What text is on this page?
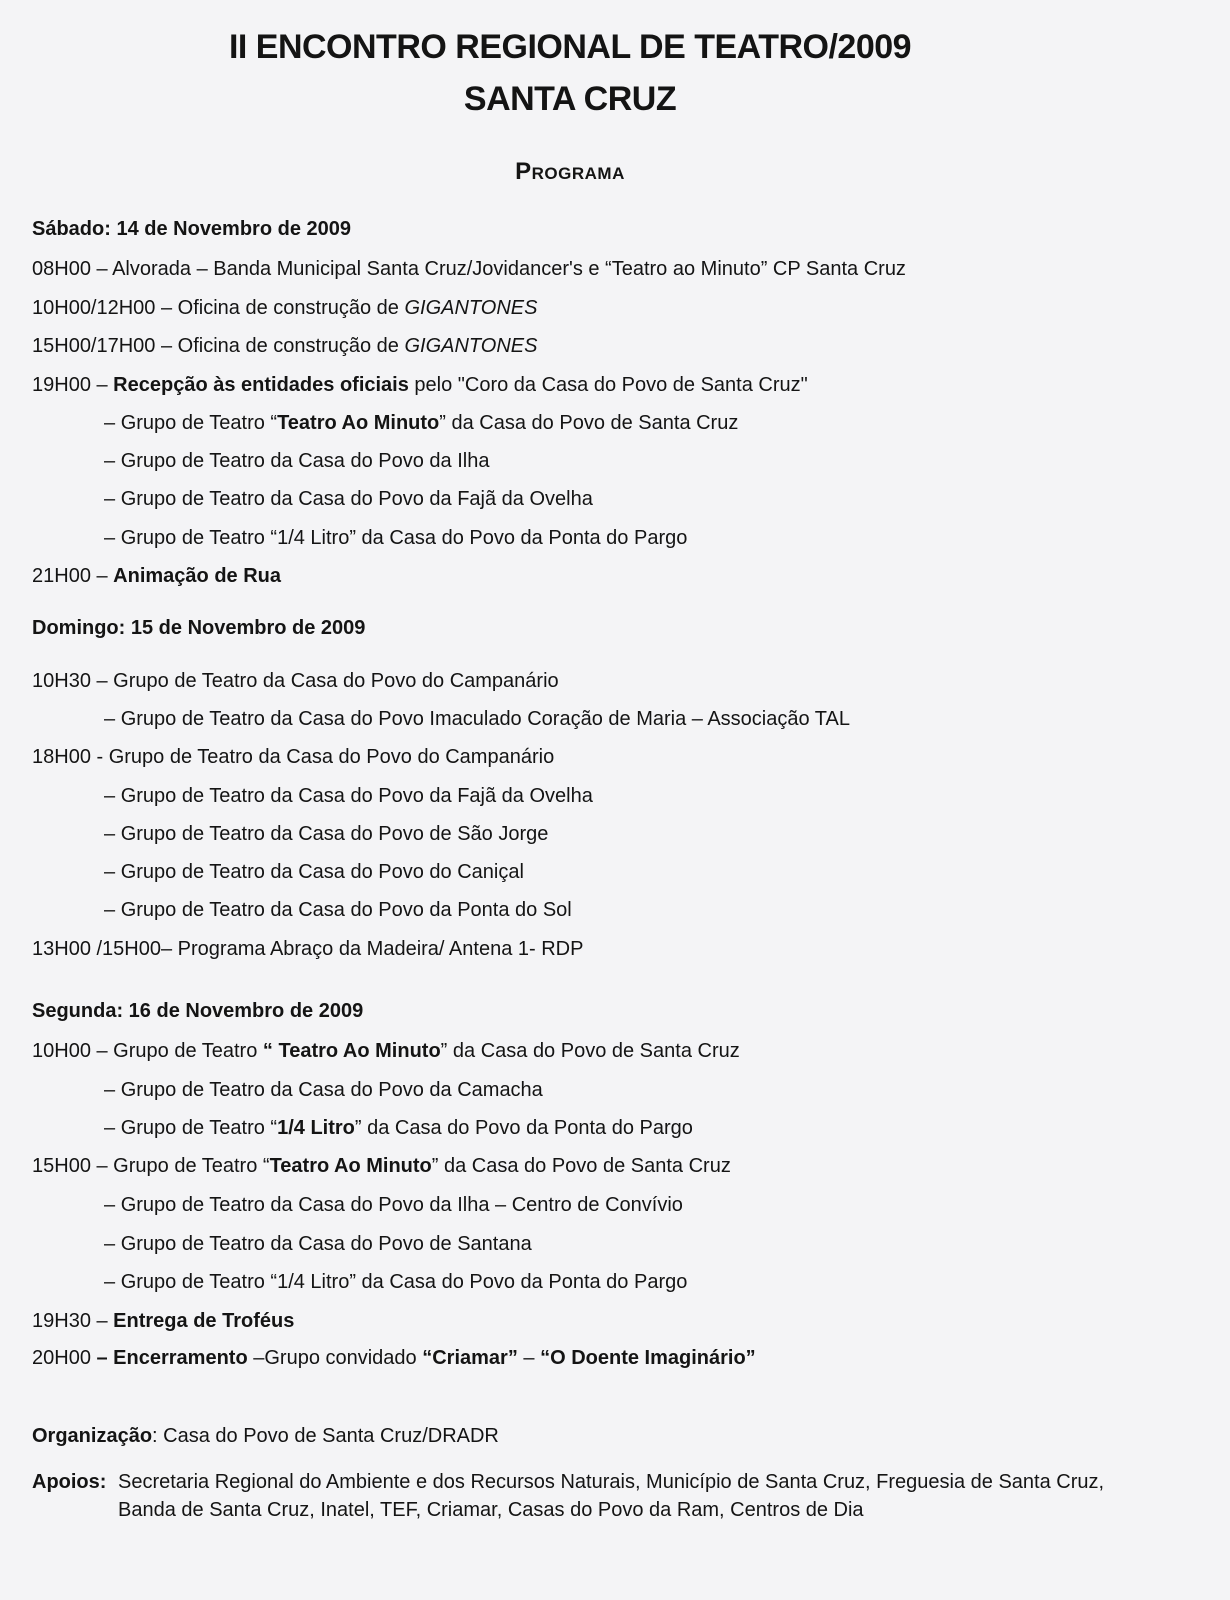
II ENCONTRO REGIONAL DE TEATRO/2009
SANTA CRUZ
Programa

Sábado: 14 de Novembro de 2009

08H00 – Alvorada – Banda Municipal Santa Cruz/Jovidancer's e “Teatro ao Minuto” CP Santa Cruz

10H00/12H00 – Oficina de construção de GIGANTONES

15H00/17H00 – Oficina de construção de GIGANTONES

19H00 – Recepção às entidades oficiais pelo "Coro da Casa do Povo de Santa Cruz"

– Grupo de Teatro “Teatro Ao Minuto” da Casa do Povo de Santa Cruz

– Grupo de Teatro da Casa do Povo da Ilha

– Grupo de Teatro da Casa do Povo da Fajã da Ovelha

– Grupo de Teatro “1/4 Litro” da Casa do Povo da Ponta do Pargo

21H00 – Animação de Rua

Domingo: 15 de Novembro de 2009

10H30 – Grupo de Teatro da Casa do Povo do Campanário

– Grupo de Teatro da Casa do Povo Imaculado Coração de Maria – Associação TAL

18H00 - Grupo de Teatro da Casa do Povo do Campanário

– Grupo de Teatro da Casa do Povo da Fajã da Ovelha

– Grupo de Teatro da Casa do Povo de São Jorge

– Grupo de Teatro da Casa do Povo do Caniçal

– Grupo de Teatro da Casa do Povo da Ponta do Sol

13H00 /15H00– Programa Abraço da Madeira/ Antena 1- RDP

Segunda: 16 de Novembro de 2009

10H00 – Grupo de Teatro “ Teatro Ao Minuto” da Casa do Povo de Santa Cruz

– Grupo de Teatro da Casa do Povo da Camacha

– Grupo de Teatro “1/4 Litro” da Casa do Povo da Ponta do Pargo

15H00 – Grupo de Teatro “Teatro Ao Minuto” da Casa do Povo de Santa Cruz

– Grupo de Teatro da Casa do Povo da Ilha – Centro de Convívio

– Grupo de Teatro da Casa do Povo de Santana

– Grupo de Teatro “1/4 Litro” da Casa do Povo da Ponta do Pargo

19H30 – Entrega de Troféus

20H00 – Encerramento –Grupo convidado “Criamar” – “O Doente Imaginário”

Organização: Casa do Povo de Santa Cruz/DRADR

Apoios: Secretaria Regional do Ambiente e dos Recursos Naturais, Município de Santa Cruz, Freguesia de Santa Cruz, Banda de Santa Cruz, Inatel, TEF, Criamar, Casas do Povo da Ram, Centros de Dia
